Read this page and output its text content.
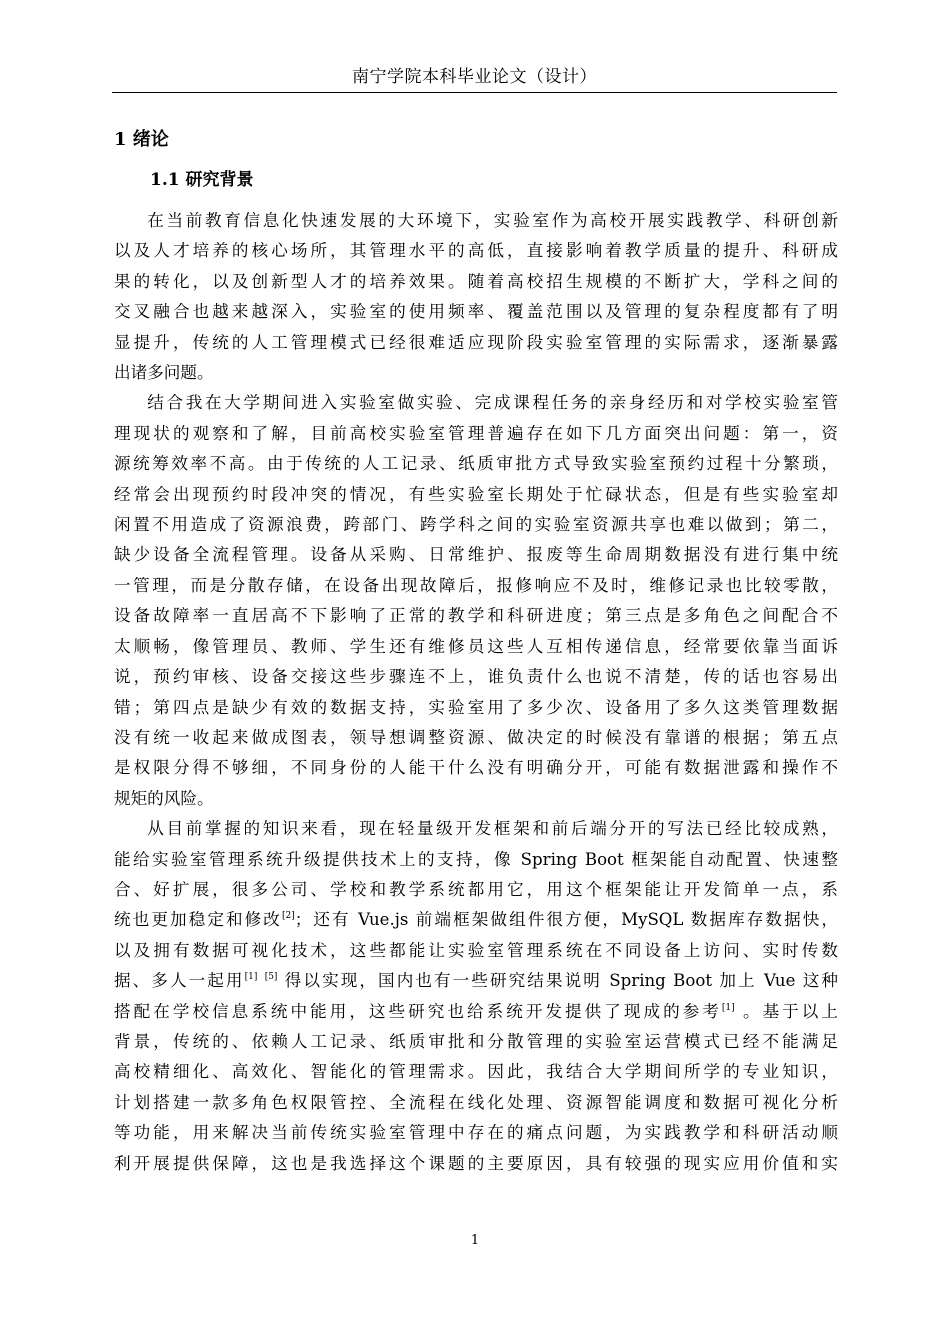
南宁学院本科毕业论文（设计）
1 绪论
1.1 研究背景
在当前教育信息化快速发展的大环境下，实验室作为高校开展实践教学、科研创新
以及人才培养的核心场所，其管理水平的高低，直接影响着教学质量的提升、科研成
果的转化，以及创新型人才的培养效果。随着高校招生规模的不断扩大，学科之间的
交叉融合也越来越深入，实验室的使用频率、覆盖范围以及管理的复杂程度都有了明
显提升，传统的人工管理模式已经很难适应现阶段实验室管理的实际需求，逐渐暴露
出诸多问题。
结合我在大学期间进入实验室做实验、完成课程任务的亲身经历和对学校实验室管
理现状的观察和了解，目前高校实验室管理普遍存在如下几方面突出问题：第一，资
源统筹效率不高。由于传统的人工记录、纸质审批方式导致实验室预约过程十分繁琐，
经常会出现预约时段冲突的情况，有些实验室长期处于忙碌状态，但是有些实验室却
闲置不用造成了资源浪费，跨部门、跨学科之间的实验室资源共享也难以做到；第二，
缺少设备全流程管理。设备从采购、日常维护、报废等生命周期数据没有进行集中统
一管理，而是分散存储，在设备出现故障后，报修响应不及时，维修记录也比较零散，
设备故障率一直居高不下影响了正常的教学和科研进度；第三点是多角色之间配合不
太顺畅，像管理员、教师、学生还有维修员这些人互相传递信息，经常要依靠当面诉
说，预约审核、设备交接这些步骤连不上，谁负责什么也说不清楚，传的话也容易出
错；第四点是缺少有效的数据支持，实验室用了多少次、设备用了多久这类管理数据
没有统一收起来做成图表，领导想调整资源、做决定的时候没有靠谱的根据；第五点
是权限分得不够细，不同身份的人能干什么没有明确分开，可能有数据泄露和操作不
规矩的风险。
从目前掌握的知识来看，现在轻量级开发框架和前后端分开的写法已经比较成熟，
能给实验室管理系统升级提供技术上的支持，像 Spring Boot 框架能自动配置、快速整
合、好扩展，很多公司、学校和教学系统都用它，用这个框架能让开发简单一点，系
统也更加稳定和修改[2]；还有 Vue.js 前端框架做组件很方便，MySQL 数据库存数据快，
以及拥有数据可视化技术，这些都能让实验室管理系统在不同设备上访问、实时传数
据、多人一起用[1] [5] 得以实现，国内也有一些研究结果说明 Spring Boot 加上 Vue 这种
搭配在学校信息系统中能用，这些研究也给系统开发提供了现成的参考[1] 。基于以上
背景，传统的、依赖人工记录、纸质审批和分散管理的实验室运营模式已经不能满足
高校精细化、高效化、智能化的管理需求。因此，我结合大学期间所学的专业知识，
计划搭建一款多角色权限管控、全流程在线化处理、资源智能调度和数据可视化分析
等功能，用来解决当前传统实验室管理中存在的痛点问题，为实践教学和科研活动顺
利开展提供保障，这也是我选择这个课题的主要原因，具有较强的现实应用价值和实
1
